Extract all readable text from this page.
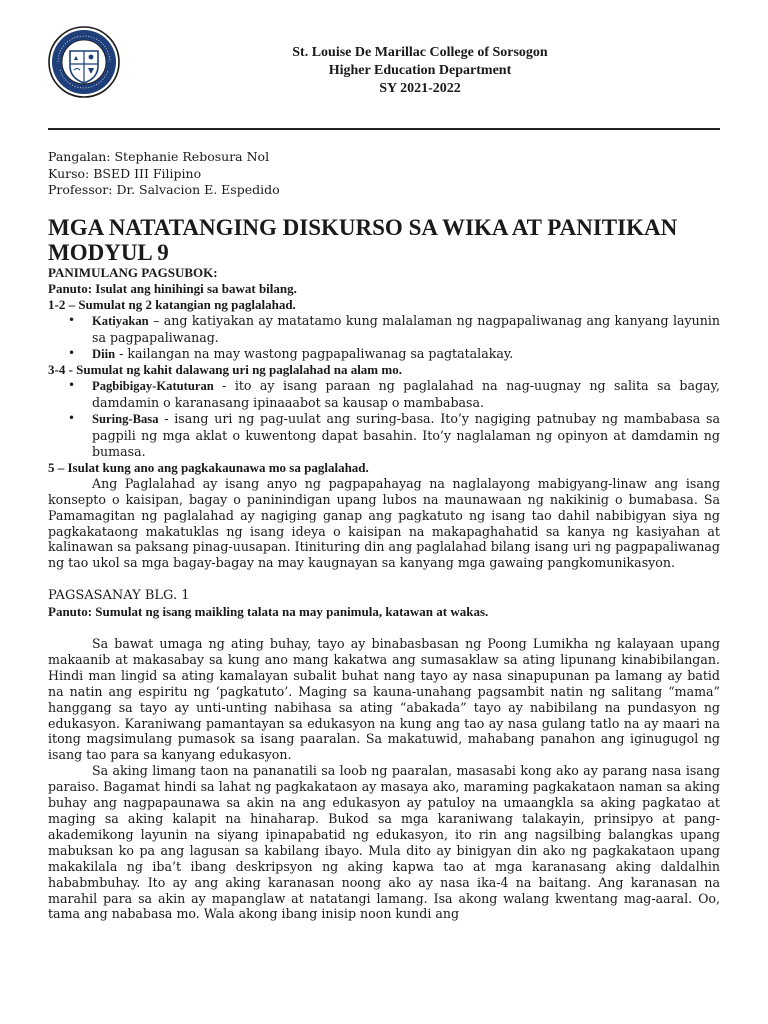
St. Louise De Marillac College of Sorsogon
Higher Education Department
SY 2021-2022
Pangalan: Stephanie Rebosura Nol
Kurso: BSED III Filipino
Professor: Dr. Salvacion E. Espedido
MGA NATATANGING DISKURSO SA WIKA AT PANITIKAN
MODYUL 9
PANIMULANG PAGSUBOK:
Panuto: Isulat ang hinihingi sa bawat bilang.
1-2 – Sumulat ng 2 katangian ng paglalahad.
• Katiyakan – ang katiyakan ay matatamo kung malalaman ng nagpapaliwanag ang kanyang layunin sa pagpapaliwanag.
• Diin - kailangan na may wastong pagpapaliwanag sa pagtatalakay.
3-4 - Sumulat ng kahit dalawang uri ng paglalahad na alam mo.
• Pagbibigay-Katuturan - ito ay isang paraan ng paglalahad na nag-uugnay ng salita sa bagay, damdamin o karanasang ipinaaabot sa kausap o mambabasa.
• Suring-Basa - isang uri ng pag-uulat ang suring-basa. Ito’y nagiging patnubay ng mambabasa sa pagpili ng mga aklat o kuwentong dapat basahin. Ito’y naglalaman ng opinyon at damdamin ng bumasa.
5 – Isulat kung ano ang pagkakaunawa mo sa paglalahad.

Ang Paglalahad ay isang anyo ng pagpapahayag na naglalayong mabigyang-linaw ang isang konsepto o kaisipan, bagay o paninindigan upang lubos na maunawaan ng nakikinig o bumabasa. Sa Pamamagitan ng paglalahad ay nagiging ganap ang pagkatuto ng isang tao dahil nabibigyan siya ng pagkakataong makatuklas ng isang ideya o kaisipan na makapaghahatid sa kanya ng kasiyahan at kalinawan sa paksang pinag-uusapan. Itinituring din ang paglalahad bilang isang uri ng pagpapaliwanag ng tao ukol sa mga bagay-bagay na may kaugnayan sa kanyang mga gawaing pangkomunikasyon.

PAGSASANAY BLG. 1
Panuto: Sumulat ng isang maikling talata na may panimula, katawan at wakas.

Sa bawat umaga ng ating buhay, tayo ay binabasbasan ng Poong Lumikha ng kalayaan upang makaanib at makasabay sa kung ano mang kakatwa ang sumasaklaw sa ating lipunang kinabibilangan. Hindi man lingid sa ating kamalayan subalit buhat nang tayo ay nasa sinapupunan pa lamang ay batid na natin ang espiritu ng ‘pagkatuto’. Maging sa kauna-unahang pagsambit natin ng salitang “mama” hanggang sa tayo ay unti-unting nabihasa sa ating “abakada” tayo ay nabibilang na pundasyon ng edukasyon. Karaniwang pamantayan sa edukasyon na kung ang tao ay nasa gulang tatlo na ay maari na itong magsimulang pumasok sa isang paaralan. Sa makatuwid, mahabang panahon ang iginugugol ng isang tao para sa kanyang edukasyon.

Sa aking limang taon na pananatili sa loob ng paaralan, masasabi kong ako ay parang nasa isang paraiso. Bagamat hindi sa lahat ng pagkakataon ay masaya ako, maraming pagkakataon naman sa aking buhay ang nagpapaunawa sa akin na ang edukasyon ay patuloy na umaangkla sa aking pagkatao at maging sa aking kalapit na hinaharap. Bukod sa mga karaniwang talakayin, prinsipyo at pang-akademikong layunin na siyang ipinapabatid ng edukasyon, ito rin ang nagsilbing balangkas upang mabuksan ko pa ang lagusan sa kabilang ibayo. Mula dito ay binigyan din ako ng pagkakataon upang makakilala ng iba’t ibang deskripsyon ng aking kapwa tao at mga karanasang aking daldalhin hababmbuhay. Ito ay ang aking karanasan noong ako ay nasa ika-4 na baitang. Ang karanasan na marahil para sa akin ay mapanglaw at natatangi lamang. Isa akong walang kwentang mag-aaral. Oo, tama ang nababasa mo. Wala akong ibang inisip noon kundi ang
